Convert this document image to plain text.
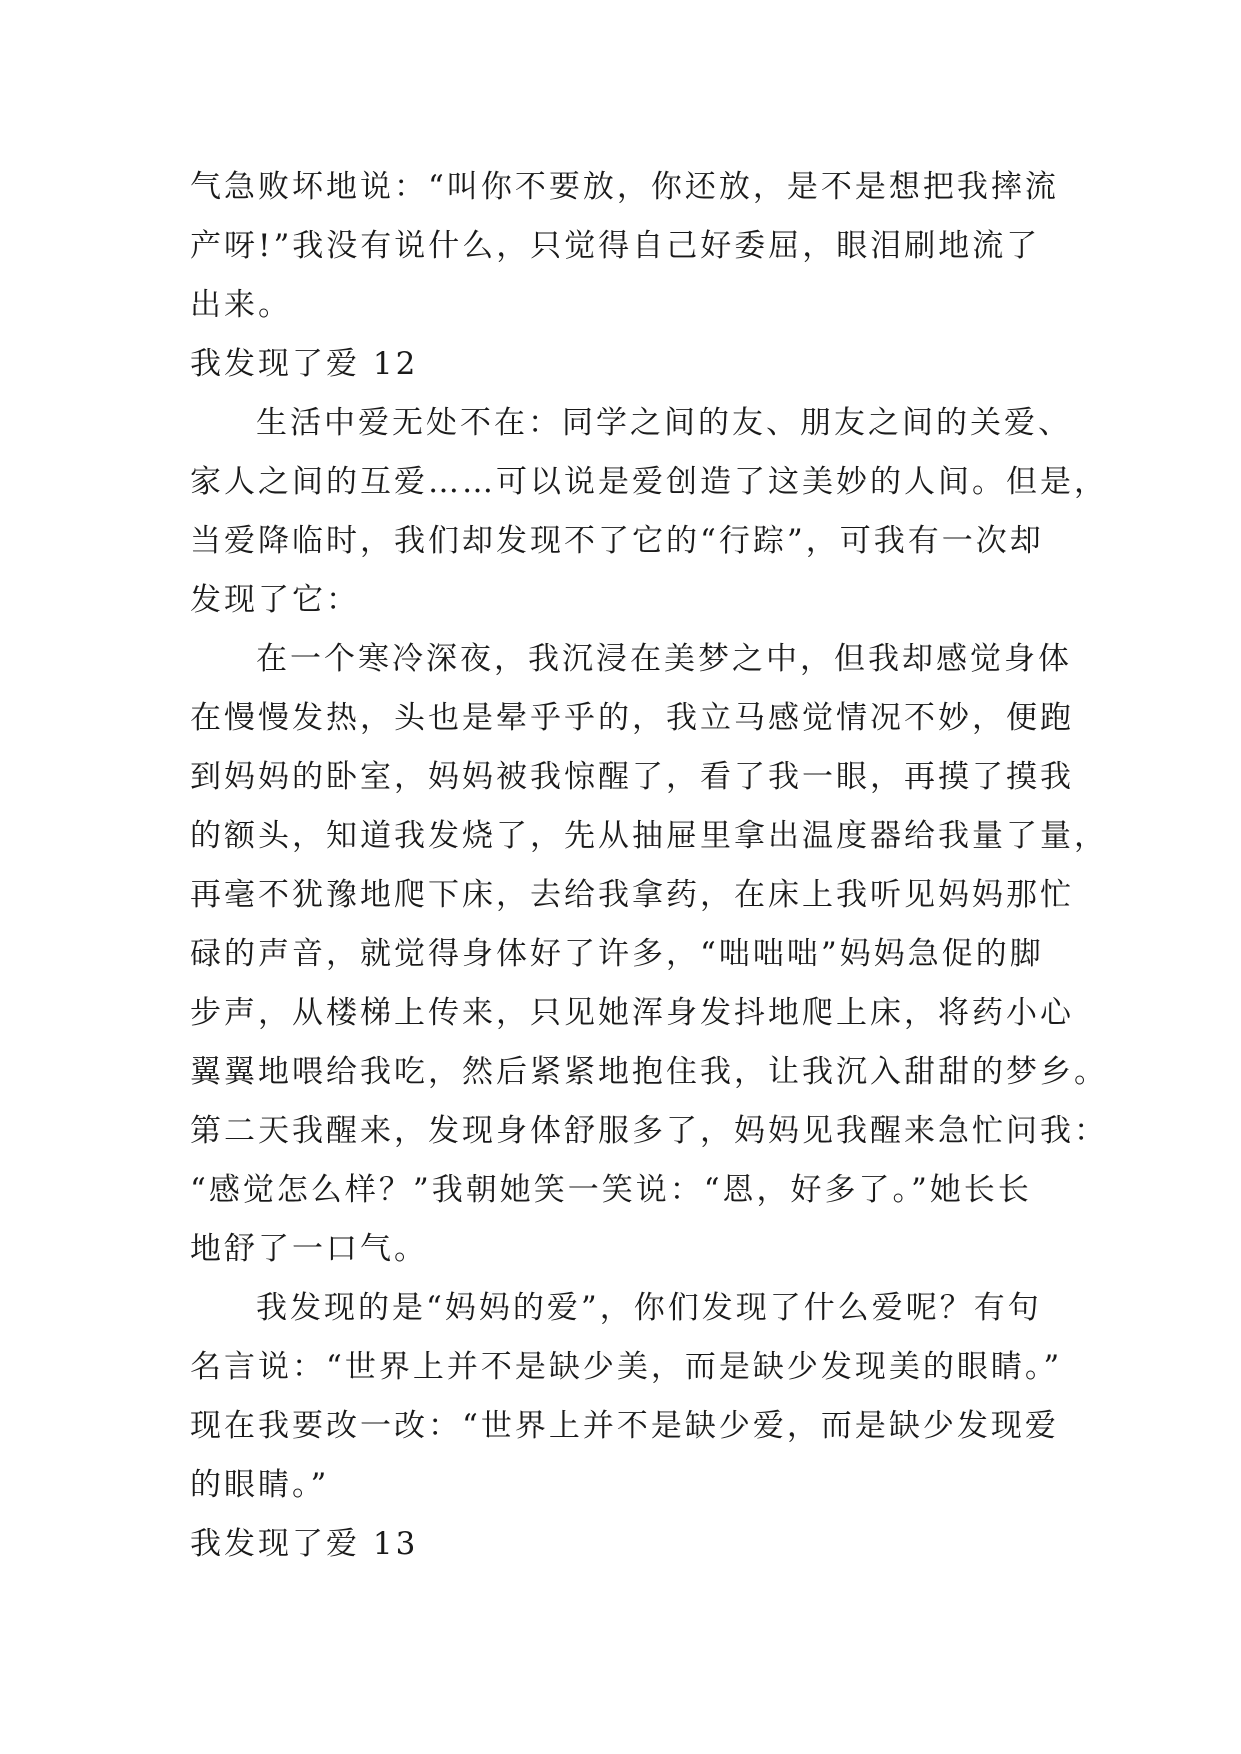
气急败坏地说：“叫你不要放，你还放，是不是想把我摔流
产呀!”我没有说什么，只觉得自己好委屈，眼泪刷地流了
出来。
我发现了爱 12
生活中爱无处不在：同学之间的友、朋友之间的关爱、
家人之间的互爱……可以说是爱创造了这美妙的人间。但是，
当爱降临时，我们却发现不了它的“行踪”，可我有一次却
发现了它：
在一个寒冷深夜，我沉浸在美梦之中，但我却感觉身体
在慢慢发热，头也是晕乎乎的，我立马感觉情况不妙，便跑
到妈妈的卧室，妈妈被我惊醒了，看了我一眼，再摸了摸我
的额头，知道我发烧了，先从抽屉里拿出温度器给我量了量，
再毫不犹豫地爬下床，去给我拿药，在床上我听见妈妈那忙
碌的声音，就觉得身体好了许多，“咄咄咄”妈妈急促的脚
步声，从楼梯上传来，只见她浑身发抖地爬上床，将药小心
翼翼地喂给我吃，然后紧紧地抱住我，让我沉入甜甜的梦乡。
第二天我醒来，发现身体舒服多了，妈妈见我醒来急忙问我：
“感觉怎么样？”我朝她笑一笑说：“恩，好多了。”她长长
地舒了一口气。
我发现的是“妈妈的爱”，你们发现了什么爱呢？有句
名言说：“世界上并不是缺少美，而是缺少发现美的眼睛。”
现在我要改一改：“世界上并不是缺少爱，而是缺少发现爱
的眼睛。”
我发现了爱 13
